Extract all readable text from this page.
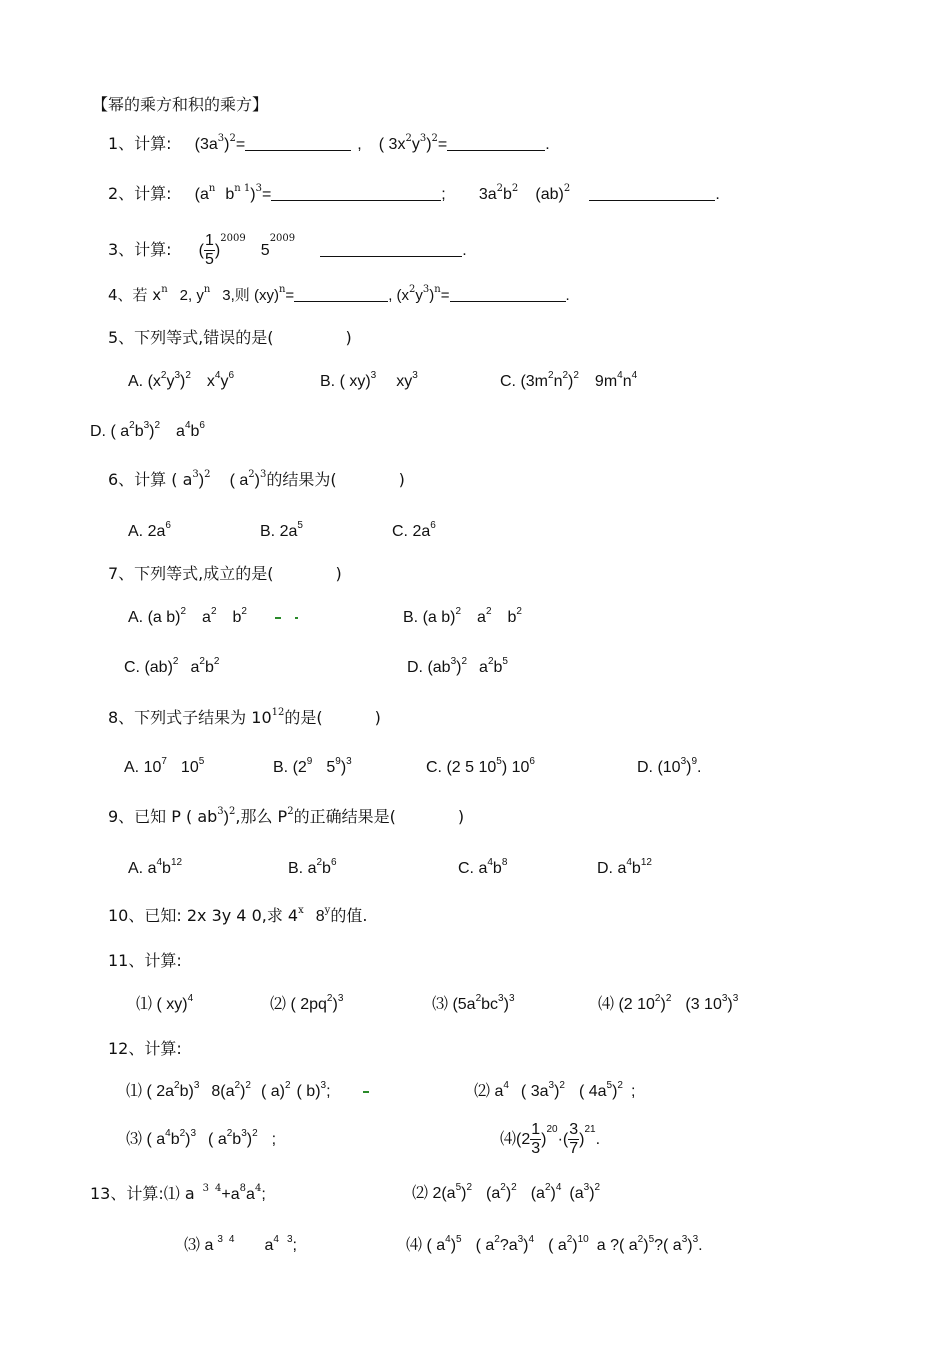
【幂的乘方和积的乘方】
1、计算: $(3a^3)^2=$	, ( $3x^2y^3)^2=$	.
2、计算: ($a^n$ $b^{n 1})^3=$	; $3a^2b^2$ (ab)$^2$	.
3、计算: ( $\frac{1}{5} )^{2009}$ $5^{2009}$ .
4、若 $x^n$ 2, $y^n$ 3,则 (xy)$^n$=	, $(x^2y^3)^n=$	.
5、下列等式,错误的是(	)
A. $(x^2y^3)^2$ $x^4y^6$	B. ( xy)$^3$ $xy^3$	C. $(3m^2n^2)^2$ $9m^4n^4$
D. ( $a^2b^3)^2$ $a^4b^6$
6、计算 ( $a^3)^2$ ( $a^2)^3$的结果为(	)
A. $2a^6$	B. $2a^5$	C. $2a^6$
7、下列等式,成立的是(	)
A. (a b)$^2$ $a^2$ $b^2$	B. (a b)$^2$ $a^2$ $b^2$
C. (ab)$^2$ $a^2b^2$	D. $(ab^3)^2$ $a^2b^5$
8、下列式子结果为 $10^{12}$的是(	)
A. $10^7$ $10^5$	B. ($2^9$ $5^9)^3$	C. (2 5 $10^5$) $10^6$	D. $(10^3)^9$.
9、已知 P ( $ab^3)^2$,那么 $P^2$的正确结果是(	)
A. $a^4b^{12}$	B. $a^2b^6$	C. $a^4b^8$	D. $a^4b^{12}$
10、已知: 2x 3y 4 0,求 4$^x$ 8$^y$的值.
11、计算:
⑴ ( xy)$^4$	⑵ ( $2pq^2)^3$	⑶ $(5a^2bc^3)^3$	⑷ (2 $10^2)^2$ (3 $10^3)^3$
12、计算:
⑴ ( $2a^2b)^3$ $8(a^2)^2$ ( a)$^2$ ( b)$^3$;	⑵ $a^4$ ( $3a^3)^2$ ( $4a^5)^2$ ;
⑶ ( $a^4b^2)^3$ ( $a^2b^3)^2$ ;	⑷(2 $\frac{1}{3} )^{20}\cdot( \frac{3}{7} )^{21}$.
13、计算:⑴ a $^3$ $^4+a^8a^4$;	⑵ $2(a^5)^2$ $(a^2)^2$ $(a^2)^4$ $(a^3)^2$
⑶ a $^3$ $^4$ $a^4$ $^3$;	⑷ ( $a^4)^5$ ( $a^2?a^3)^4$ ( $a^2)^{10}$ a ?( $a^2)^5$?( $a^3)^3$.
